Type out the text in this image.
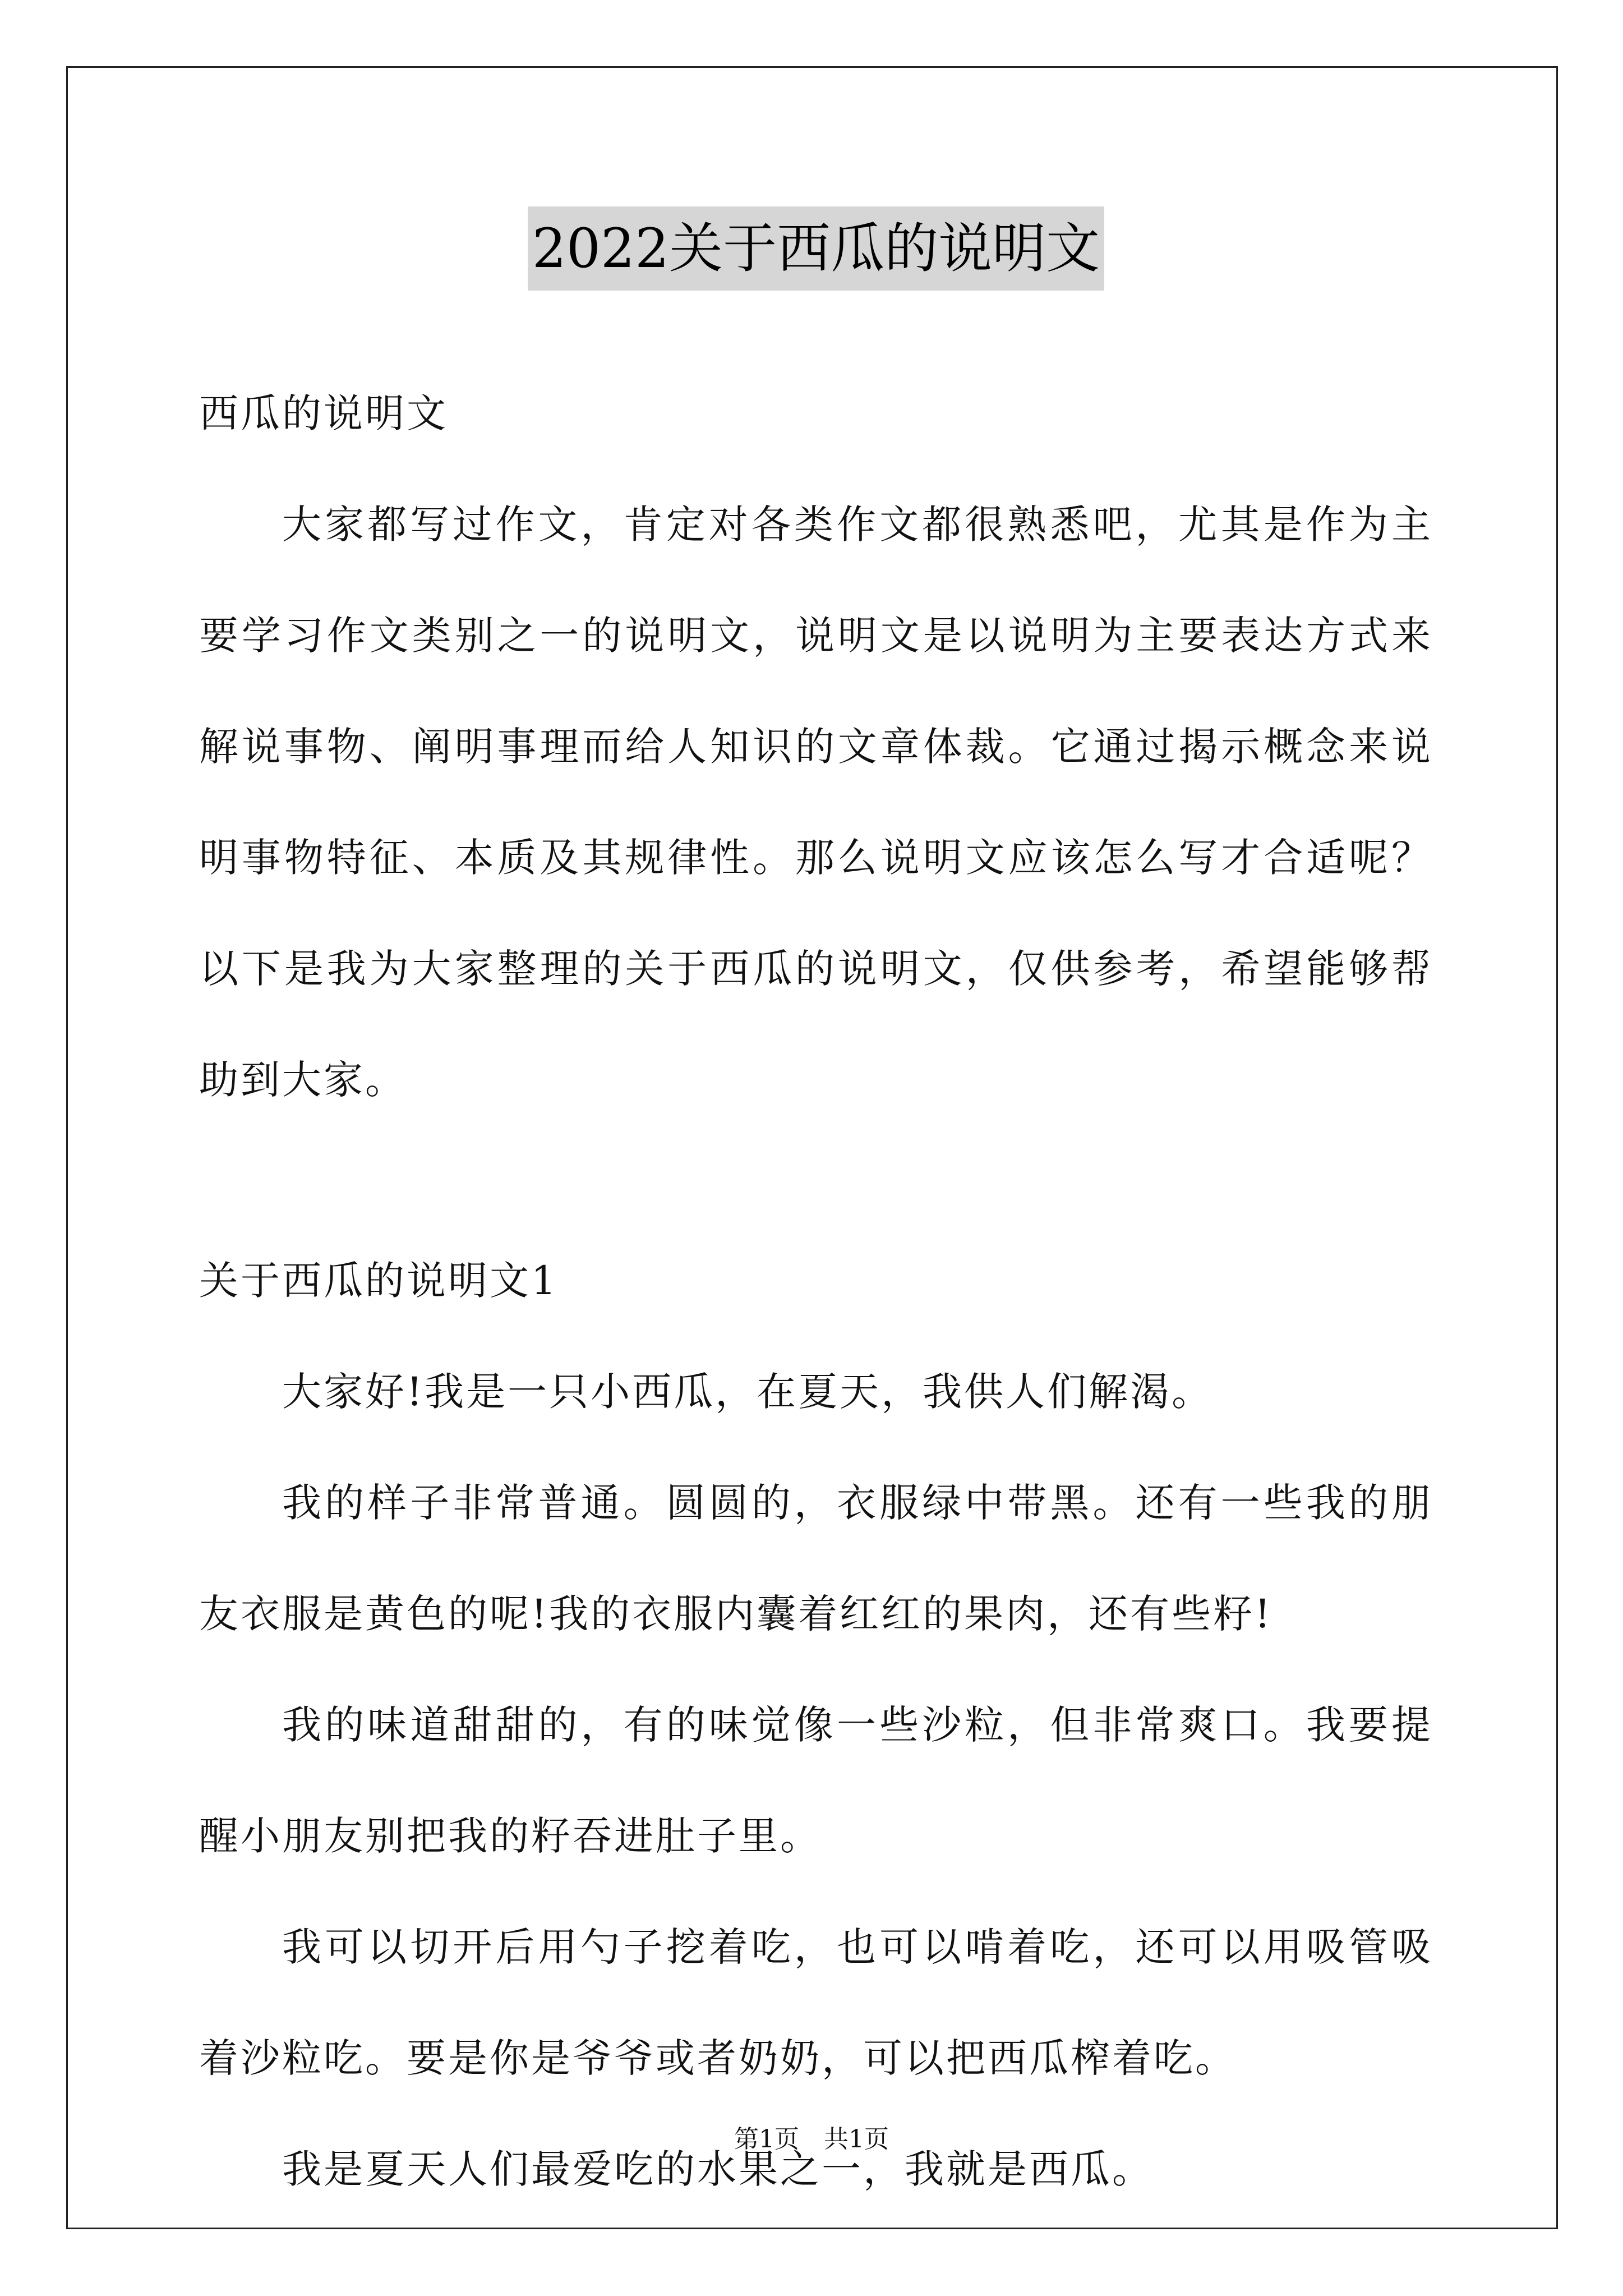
2022关于西瓜的说明文

西瓜的说明文

大家都写过作文，肯定对各类作文都很熟悉吧，尤其是作为主要学习作文类别之一的说明文，说明文是以说明为主要表达方式来解说事物、阐明事理而给人知识的文章体裁。它通过揭示概念来说明事物特征、本质及其规律性。那么说明文应该怎么写才合适呢？以下是我为大家整理的关于西瓜的说明文，仅供参考，希望能够帮助到大家。

关于西瓜的说明文1

大家好!我是一只小西瓜，在夏天，我供人们解渴。

我的样子非常普通。圆圆的，衣服绿中带黑。还有一些我的朋友衣服是黄色的呢!我的衣服内囊着红红的果肉，还有些籽!

我的味道甜甜的，有的味觉像一些沙粒，但非常爽口。我要提醒小朋友别把我的籽吞进肚子里。

我可以切开后用勺子挖着吃，也可以啃着吃，还可以用吸管吸着沙粒吃。要是你是爷爷或者奶奶，可以把西瓜榨着吃。

我是夏天人们最爱吃的水果之一，我就是西瓜。

第1页　共1页
